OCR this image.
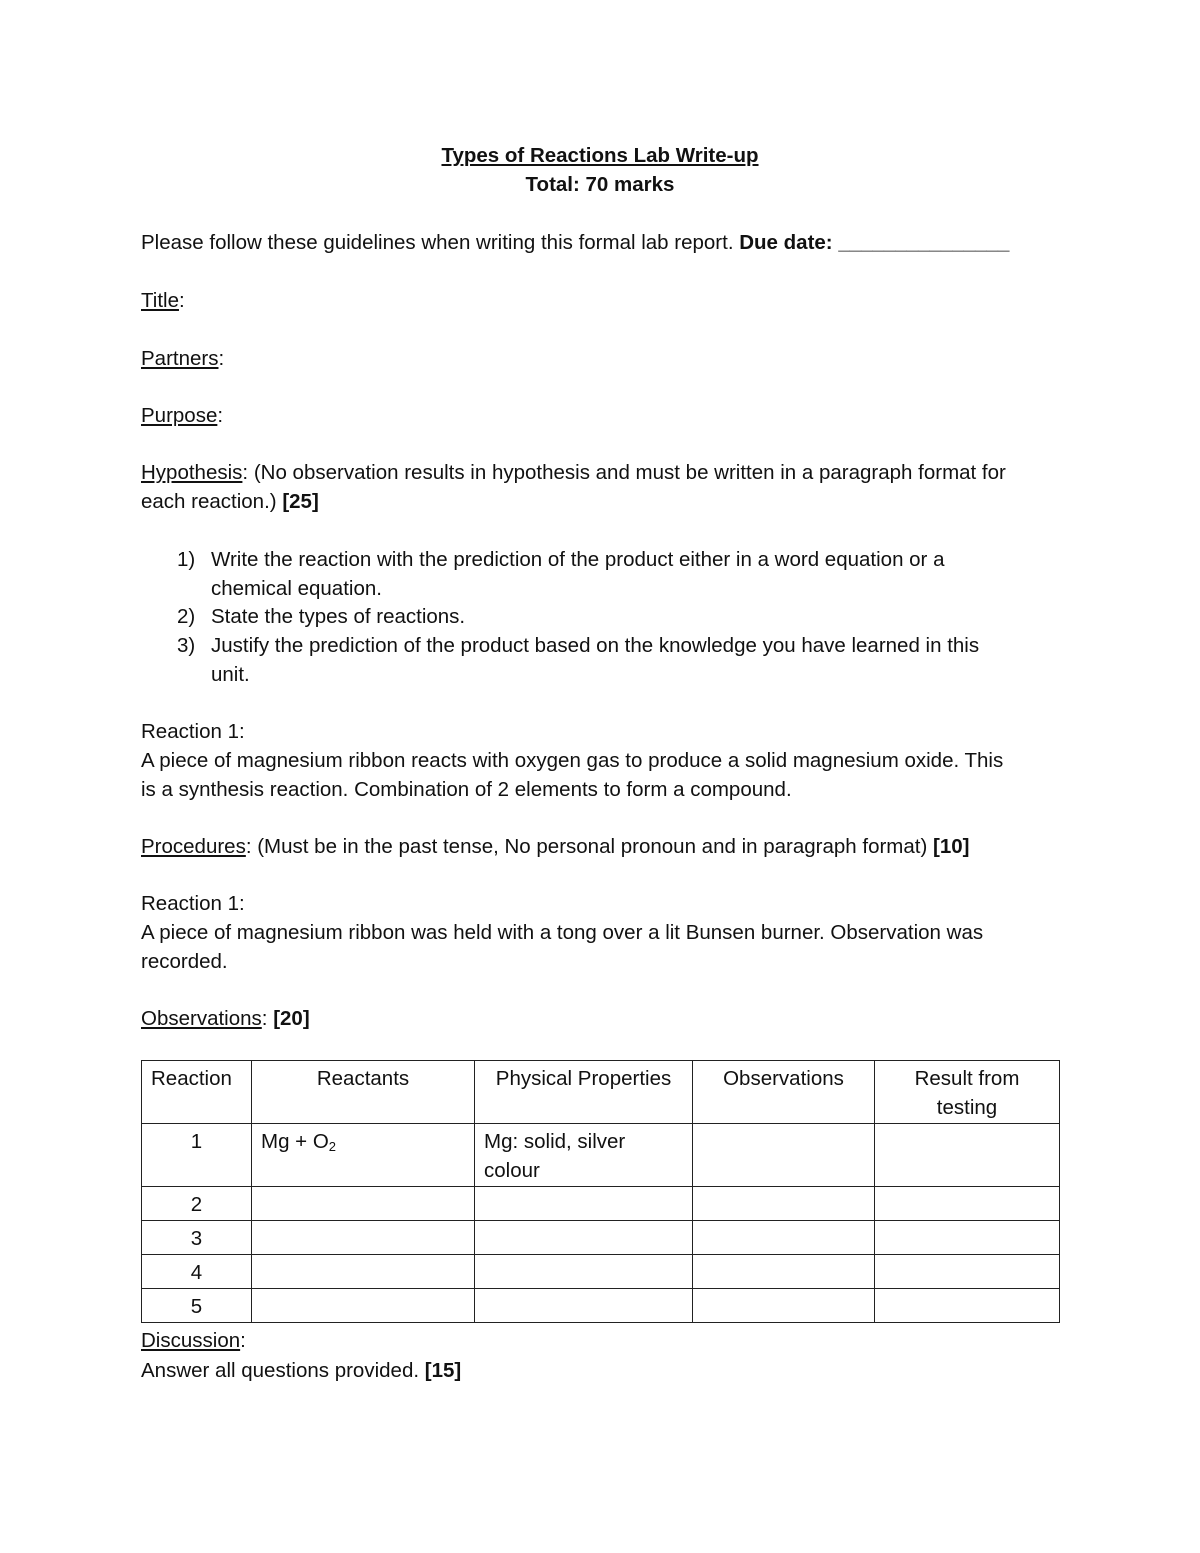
Types of Reactions Lab Write-up
Total: 70 marks
Please follow these guidelines when writing this formal lab report. Due date: _______________
Title:
Partners:
Purpose:
Hypothesis: (No observation results in hypothesis and must be written in a paragraph format for
each reaction.) [25]
1) Write the reaction with the prediction of the product either in a word equation or a
chemical equation.
2) State the types of reactions.
3) Justify the prediction of the product based on the knowledge you have learned in this
unit.
Reaction 1:
A piece of magnesium ribbon reacts with oxygen gas to produce a solid magnesium oxide. This
is a synthesis reaction. Combination of 2 elements to form a compound.
Procedures: (Must be in the past tense, No personal pronoun and in paragraph format) [10]
Reaction 1:
A piece of magnesium ribbon was held with a tong over a lit Bunsen burner. Observation was
recorded.
Observations: [20]
Reaction	Reactants	Physical Properties	Observations	Result from testing
1	$Mg + O_2$	Mg: solid, silver colour		
2				
3				
4				
5				
Discussion:
Answer all questions provided. [15]
